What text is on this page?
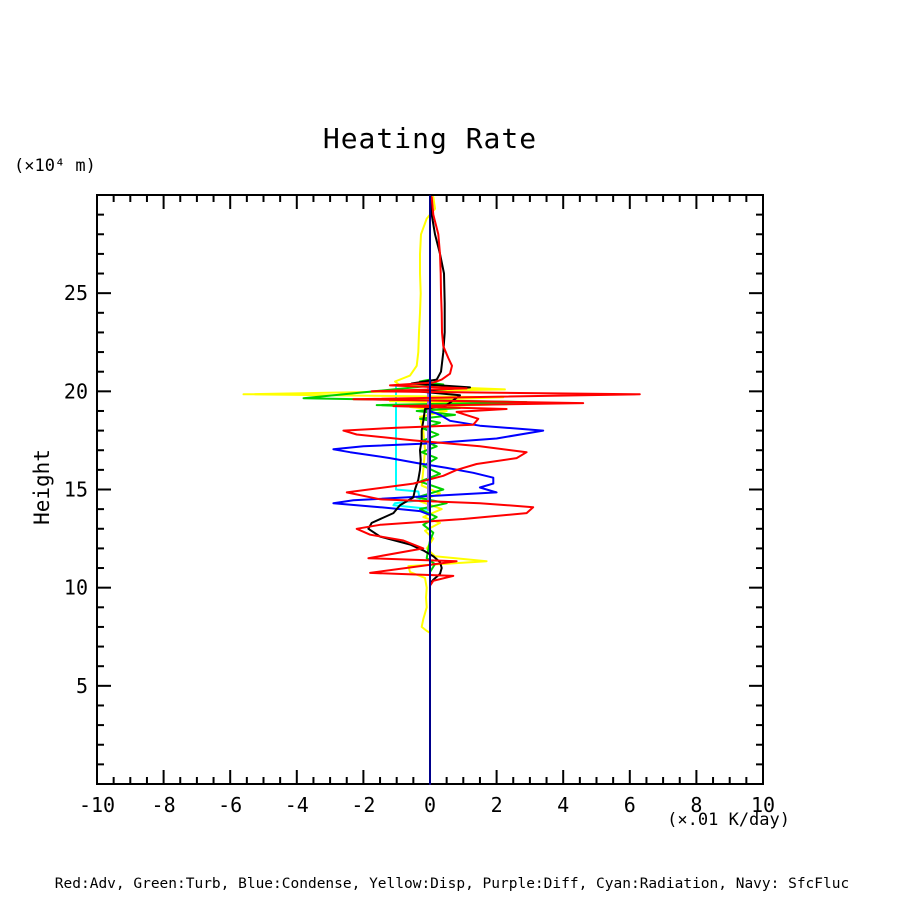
Heating Rate
(×10⁴ m)
Height
-10 -8 -6 -4 -2 0	2	4	6	8 10
5
10
15
20
25
(×.01 K/day)
Red:Adv, Green:Turb, Blue:Condense, Yellow:Disp, Purple:Diff, Cyan:Radiation, Navy: SfcFluc
